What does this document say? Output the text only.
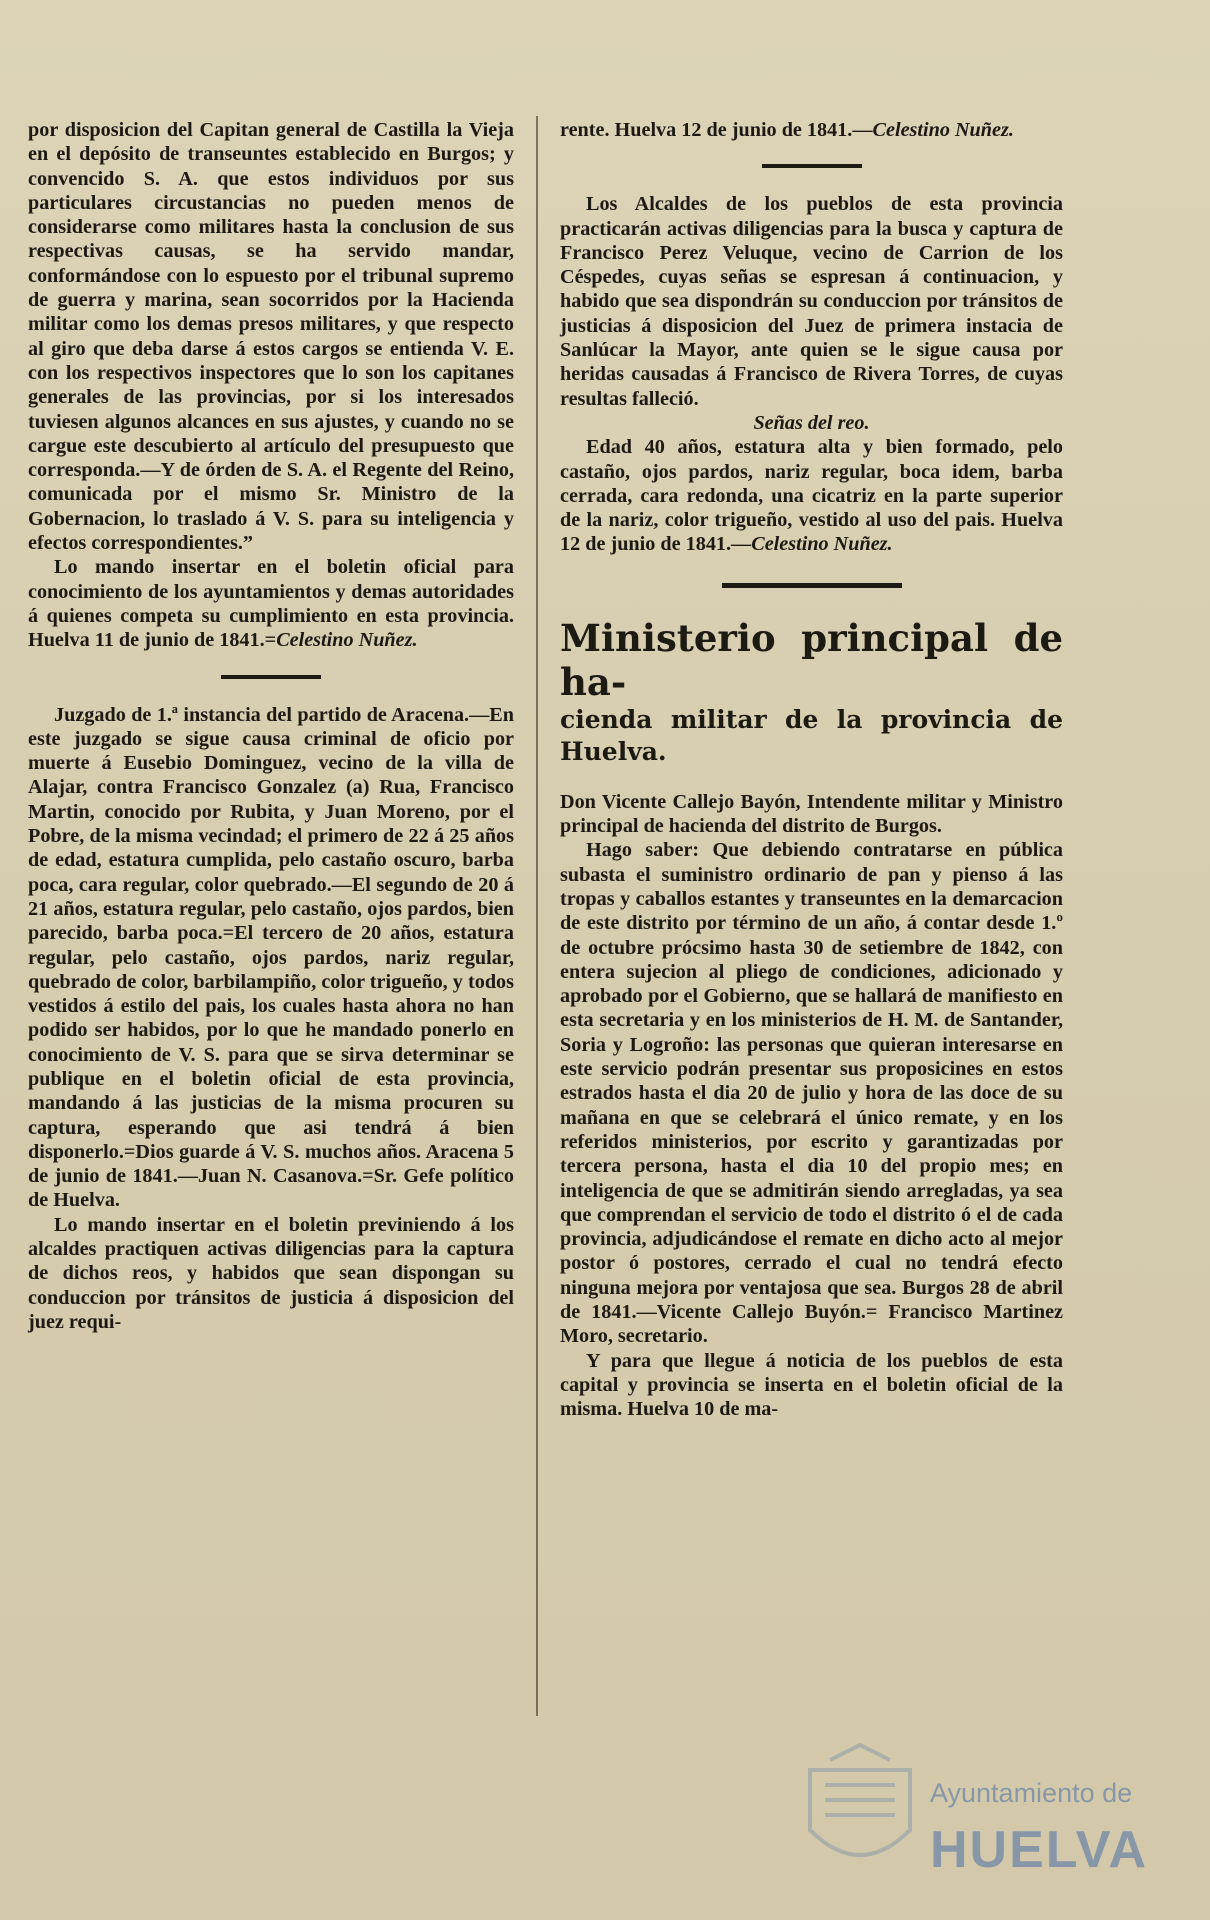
por disposicion del Capitan general de Castilla la Vieja en el depósito de transeuntes establecido en Burgos; y convencido S. A. que estos individuos por sus particulares circustancias no pueden menos de considerarse como militares hasta la conclusion de sus respectivas causas, se ha servido mandar, conformándose con lo espuesto por el tribunal supremo de guerra y marina, sean socorridos por la Hacienda militar como los demas presos militares, y que respecto al giro que deba darse á estos cargos se entienda V. E. con los respectivos inspectores que lo son los capitanes generales de las provincias, por si los interesados tuviesen algunos alcances en sus ajustes, y cuando no se cargue este descubierto al artículo del presupuesto que corresponda.—Y de órden de S. A. el Regente del Reino, comunicada por el mismo Sr. Ministro de la Gobernacion, lo traslado á V. S. para su inteligencia y efectos correspondientes.”

Lo mando insertar en el boletin oficial para conocimiento de los ayuntamientos y demas autoridades á quienes competa su cumplimiento en esta provincia. Huelva 11 de junio de 1841.=Celestino Nuñez.

Juzgado de 1.ª instancia del partido de Aracena.—En este juzgado se sigue causa criminal de oficio por muerte á Eusebio Dominguez, vecino de la villa de Alajar, contra Francisco Gonzalez (a) Rua, Francisco Martin, conocido por Rubita, y Juan Moreno, por el Pobre, de la misma vecindad; el primero de 22 á 25 años de edad, estatura cumplida, pelo castaño oscuro, barba poca, cara regular, color quebrado.—El segundo de 20 á 21 años, estatura regular, pelo castaño, ojos pardos, bien parecido, barba poca.=El tercero de 20 años, estatura regular, pelo castaño, ojos pardos, nariz regular, quebrado de color, barbilampiño, color trigueño, y todos vestidos á estilo del pais, los cuales hasta ahora no han podido ser habidos, por lo que he mandado ponerlo en conocimiento de V. S. para que se sirva determinar se publique en el boletin oficial de esta provincia, mandando á las justicias de la misma procuren su captura, esperando que asi tendrá á bien disponerlo.=Dios guarde á V. S. muchos años. Aracena 5 de junio de 1841.—Juan N. Casanova.=Sr. Gefe político de Huelva.

Lo mando insertar en el boletin previniendo á los alcaldes practiquen activas diligencias para la captura de dichos reos, y habidos que sean dispongan su conduccion por tránsitos de justicia á disposicion del juez requi-

rente. Huelva 12 de junio de 1841.—Celestino Nuñez.

Los Alcaldes de los pueblos de esta provincia practicarán activas diligencias para la busca y captura de Francisco Perez Veluque, vecino de Carrion de los Céspedes, cuyas señas se espresan á continuacion, y habido que sea dispondrán su conduccion por tránsitos de justicias á disposicion del Juez de primera instacia de Sanlúcar la Mayor, ante quien se le sigue causa por heridas causadas á Francisco de Rivera Torres, de cuyas resultas falleció.

Señas del reo.

Edad 40 años, estatura alta y bien formado, pelo castaño, ojos pardos, nariz regular, boca idem, barba cerrada, cara redonda, una cicatriz en la parte superior de la nariz, color trigueño, vestido al uso del pais. Huelva 12 de junio de 1841.—Celestino Nuñez.

Ministerio principal de ha-
cienda militar de la provincia de Huelva.

Don Vicente Callejo Bayón, Intendente militar y Ministro principal de hacienda del distrito de Burgos.

Hago saber: Que debiendo contratarse en pública subasta el suministro ordinario de pan y pienso á las tropas y caballos estantes y transeuntes en la demarcacion de este distrito por término de un año, á contar desde 1.º de octubre prócsimo hasta 30 de setiembre de 1842, con entera sujecion al pliego de condiciones, adicionado y aprobado por el Gobierno, que se hallará de manifiesto en esta secretaria y en los ministerios de H. M. de Santander, Soria y Logroño: las personas que quieran interesarse en este servicio podrán presentar sus proposicines en estos estrados hasta el dia 20 de julio y hora de las doce de su mañana en que se celebrará el único remate, y en los referidos ministerios, por escrito y garantizadas por tercera persona, hasta el dia 10 del propio mes; en inteligencia de que se admitirán siendo arregladas, ya sea que comprendan el servicio de todo el distrito ó el de cada provincia, adjudicándose el remate en dicho acto al mejor postor ó postores, cerrado el cual no tendrá efecto ninguna mejora por ventajosa que sea. Burgos 28 de abril de 1841.—Vicente Callejo Buyón.= Francisco Martinez Moro, secretario.

Y para que llegue á noticia de los pueblos de esta capital y provincia se inserta en el boletin oficial de la misma. Huelva 10 de ma-

Ayuntamiento de
HUELVA
